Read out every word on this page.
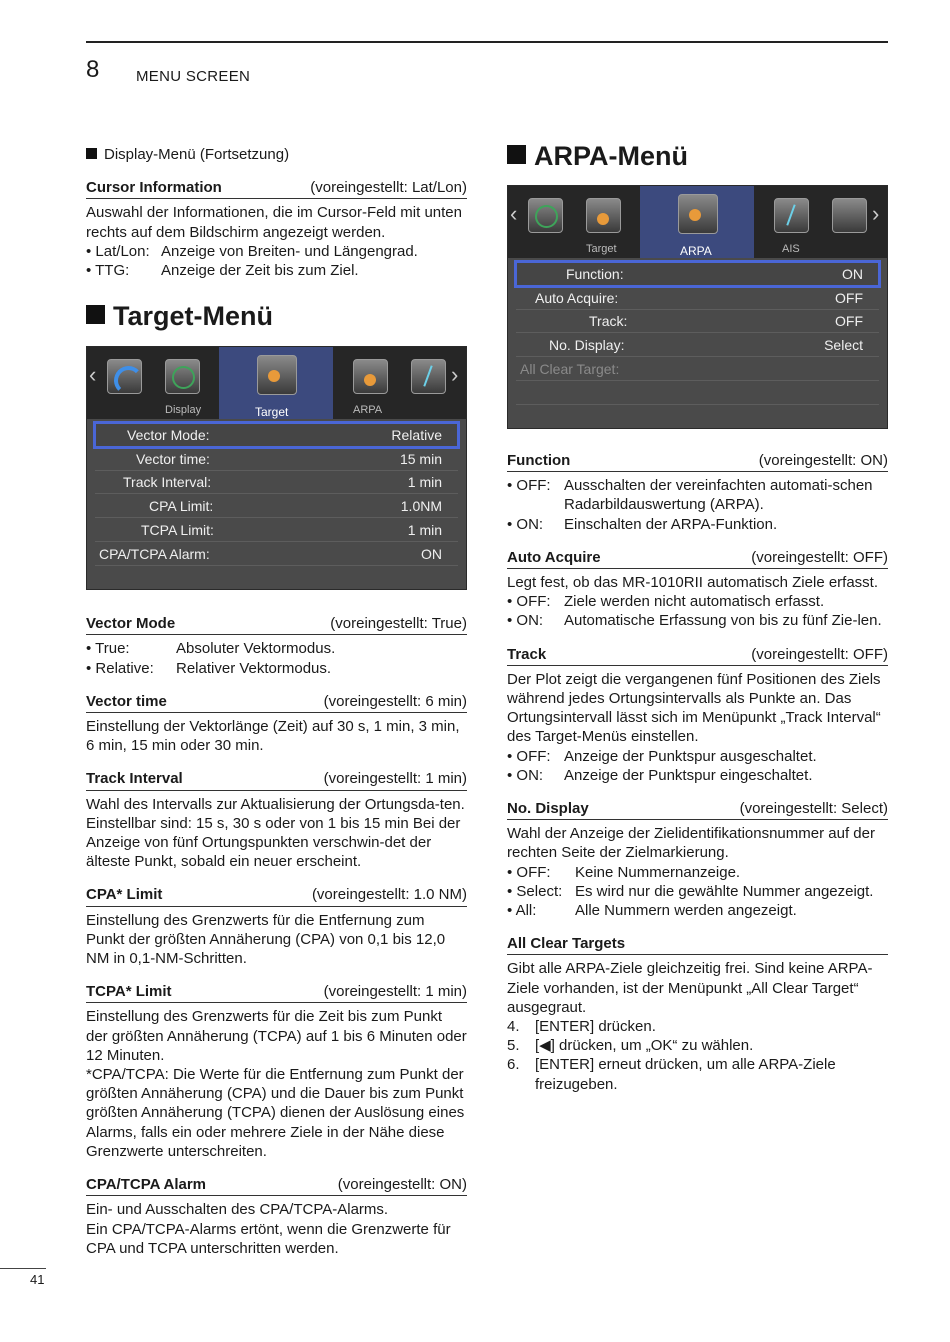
8 MENU SCREEN
Display-Menü (Fortsetzung)
Cursor Information	(voreingestellt: Lat/Lon)

Auswahl der Informationen, die im Cursor-Feld mit unten rechts auf dem Bildschirm angezeigt werden.

• Lat/Lon: Anzeige von Breiten- und Längengrad.
• TTG:	Anzeige der Zeit bis zum Ziel.
Target-Menü
‹
Display	Target	ARPA
›
Vector Mode:	Relative
Vector time:	15 min
Track Interval:	1 min
CPA Limit:	1.0NM
TCPA Limit:	1 min
CPA/TCPA Alarm:	ON
Vector Mode	(voreingestellt: True)
• True:	Absoluter Vektormodus.
• Relative:	Relativer Vektormodus.
Vector time	(voreingestellt: 6 min)

Einstellung der Vektorlänge (Zeit) auf 30 s, 1 min, 3 min, 6 min, 15 min oder 30 min.

Track Interval	(voreingestellt: 1 min)

Wahl des Intervalls zur Aktualisierung der Ortungsda-ten. Einstellbar sind: 15 s, 30 s oder von 1 bis 15 min Bei der Anzeige von fünf Ortungspunkten verschwin-det der älteste Punkt, sobald ein neuer erscheint.

CPA* Limit	(voreingestellt: 1.0 NM)

Einstellung des Grenzwerts für die Entfernung zum Punkt der größten Annäherung (CPA) von 0,1 bis 12,0 NM in 0,1-NM-Schritten.

TCPA* Limit	(voreingestellt: 1 min)

Einstellung des Grenzwerts für die Zeit bis zum Punkt der größten Annäherung (TCPA) auf 1 bis 6 Minuten oder 12 Minuten.

*CPA/TCPA: Die Werte für die Entfernung zum Punkt der größten Annäherung (CPA) und die Dauer bis zum Punkt größten Annäherung (TCPA) dienen der Auslösung eines Alarms, falls ein oder mehrere Ziele in der Nähe diese Grenzwerte unterschreiten.

CPA/TCPA Alarm	(voreingestellt: ON)

Ein- und Ausschalten des CPA/TCPA-Alarms.

Ein CPA/TCPA-Alarms ertönt, wenn die Grenzwerte für CPA und TCPA unterschritten werden.

ARPA-Menü
‹
Target	ARPA	AIS
›
Function:	ON
Auto Acquire:	OFF
Track:	OFF
No. Display:	Select
All Clear Target:
Function	(voreingestellt: ON)
• OFF: Ausschalten der vereinfachten automati-schen Radarbildauswertung (ARPA).
• ON:	Einschalten der ARPA-Funktion.
Auto Acquire	(voreingestellt: OFF)

Legt fest, ob das MR-1010RII automatisch Ziele erfasst.

• OFF: Ziele werden nicht automatisch erfasst.
• ON:	Automatische Erfassung von bis zu fünf Zie-len.
Track	(voreingestellt: OFF)

Der Plot zeigt die vergangenen fünf Positionen des Ziels während jedes Ortungsintervalls als Punkte an. Das Ortungsintervall lässt sich im Menüpunkt „Track Interval“ des Target-Menüs einstellen.

• OFF: Anzeige der Punktspur ausgeschaltet.
• ON:	Anzeige der Punktspur eingeschaltet.
No. Display	(voreingestellt: Select)

Wahl der Anzeige der Zielidentifikationsnummer auf der rechten Seite der Zielmarkierung.

• OFF:	Keine Nummernanzeige.
• Select: Es wird nur die gewählte Nummer angezeigt.
• All:	Alle Nummern werden angezeigt.
All Clear Targets

Gibt alle ARPA-Ziele gleichzeitig frei. Sind keine ARPA-Ziele vorhanden, ist der Menüpunkt „All Clear Target“ ausgegraut.

4.	[ENTER] drücken.
5.	[◀] drücken, um „OK“ zu wählen.
6.	[ENTER] erneut drücken, um alle ARPA-Ziele freizugeben.
41
